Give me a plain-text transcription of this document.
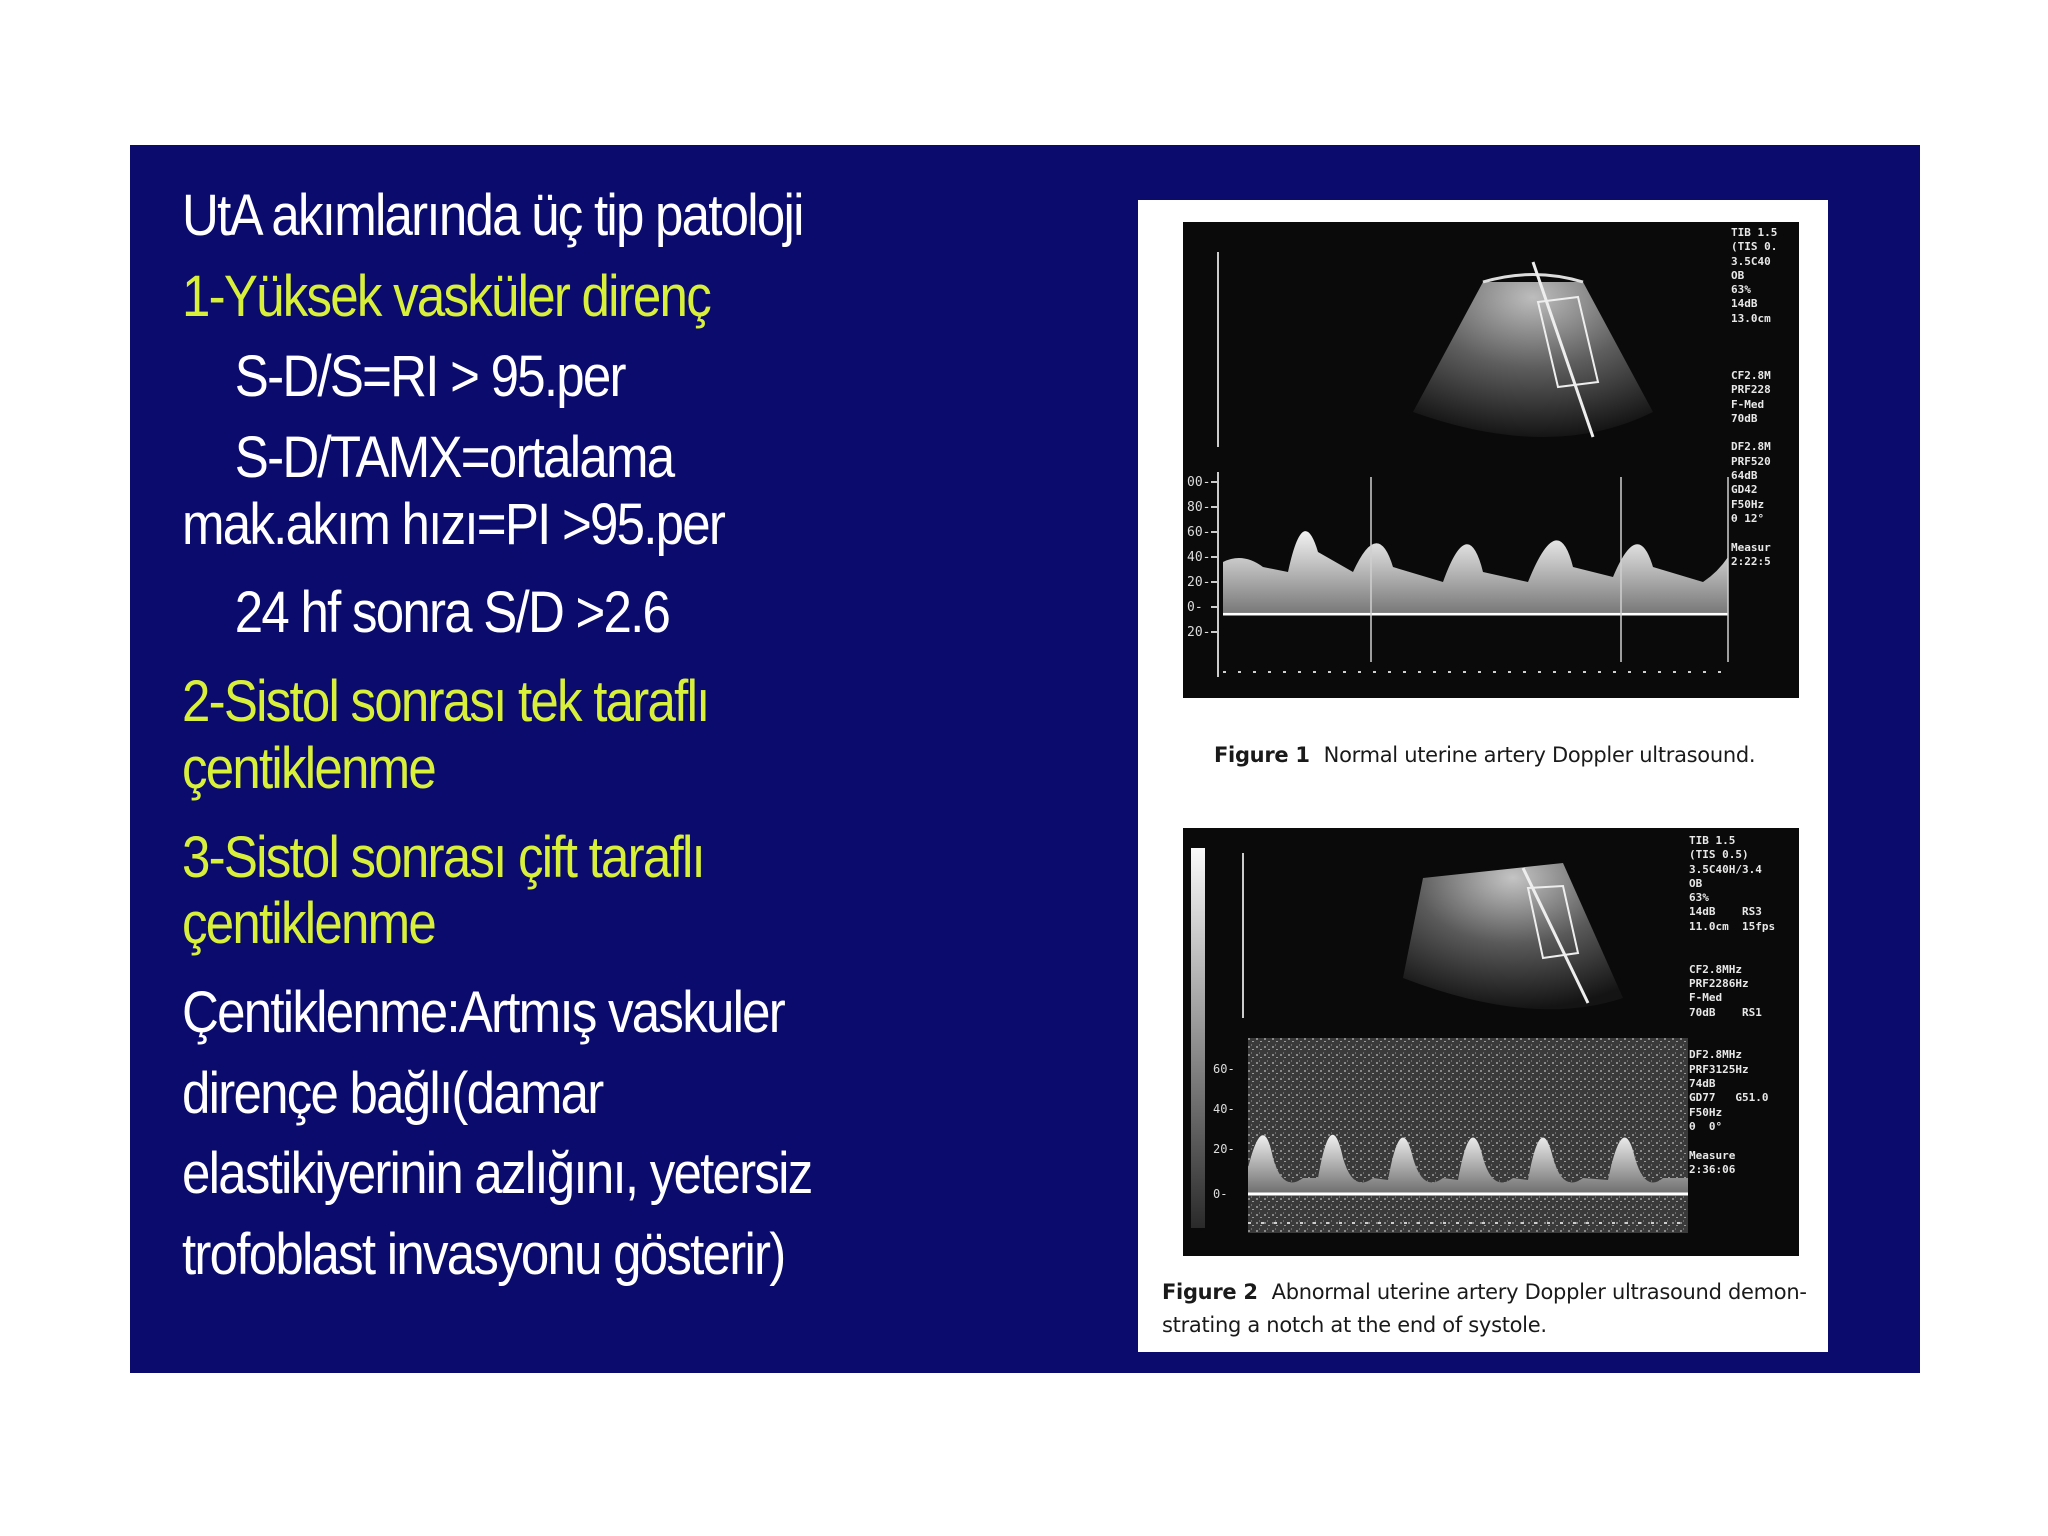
UtA akımlarında üç tip patoloji

1-Yüksek vasküler direnç

S-D/S=RI > 95.per

S-D/TAMX=ortalama

mak.akım hızı=PI >95.per

24 hf sonra S/D >2.6

2-Sistol sonrası tek taraflı

çentiklenme

3-Sistol sonrası çift taraflı

çentiklenme

Çentiklenme:Artmış vaskuler

dirençe bağlı(damar

elastikiyerinin azlığını, yetersiz

trofoblast invasyonu gösterir)

00-
80-
60-
40-
20-
0-
20-
TIB 1.5
(TIS 0.
3.5C40
OB
63%
14dB
13.0cm

CF2.8M
PRF228
F-Med
70dB

DF2.8M
PRF520
64dB
GD42
F50Hz
θ 12°

Measur
2:22:5

Figure 1 Normal uterine artery Doppler ultrasound.

60-
40-
20-
0-
TIB 1.5
(TIS 0.5)
3.5C40H/3.4
OB
63%
14dB    RS3
11.0cm  15fps

CF2.8MHz
PRF2286Hz
F-Med
70dB    RS1

DF2.8MHz
PRF3125Hz
74dB
GD77   G51.0
F50Hz
θ  0°

Measure
2:36:06
Figure 2 Abnormal uterine artery Doppler ultrasound demon-
strating a notch at the end of systole.
